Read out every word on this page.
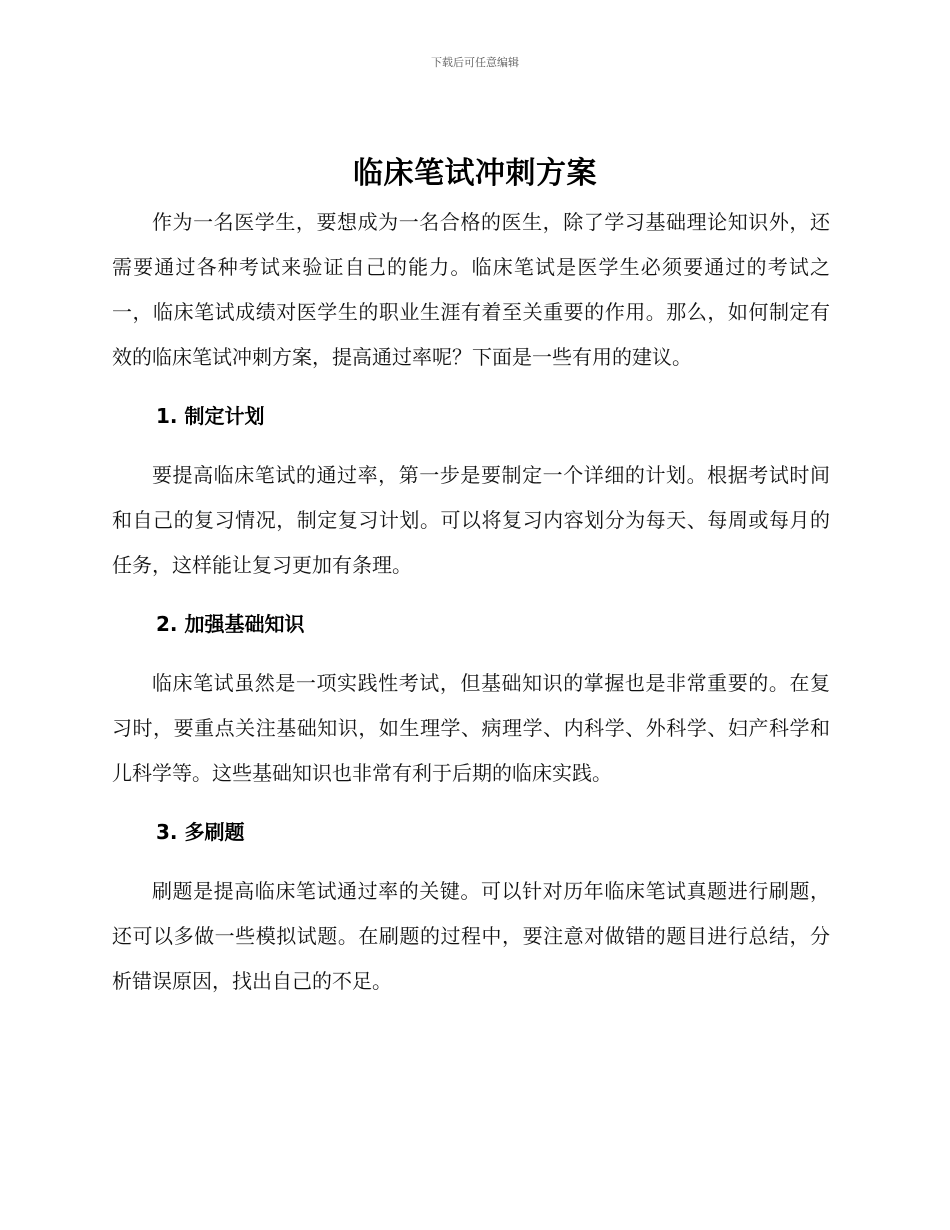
下载后可任意编辑
临床笔试冲刺方案

作为一名医学生，要想成为一名合格的医生，除了学习基础理论知识外，还需要通过各种考试来验证自己的能力。临床笔试是医学生必须要通过的考试之一，临床笔试成绩对医学生的职业生涯有着至关重要的作用。那么，如何制定有效的临床笔试冲刺方案，提高通过率呢？下面是一些有用的建议。

1. 制定计划

要提高临床笔试的通过率，第一步是要制定一个详细的计划。根据考试时间和自己的复习情况，制定复习计划。可以将复习内容划分为每天、每周或每月的任务，这样能让复习更加有条理。

2. 加强基础知识

临床笔试虽然是一项实践性考试，但基础知识的掌握也是非常重要的。在复习时，要重点关注基础知识，如生理学、病理学、内科学、外科学、妇产科学和儿科学等。这些基础知识也非常有利于后期的临床实践。

3. 多刷题

刷题是提高临床笔试通过率的关键。可以针对历年临床笔试真题进行刷题，还可以多做一些模拟试题。在刷题的过程中，要注意对做错的题目进行总结，分析错误原因，找出自己的不足。
